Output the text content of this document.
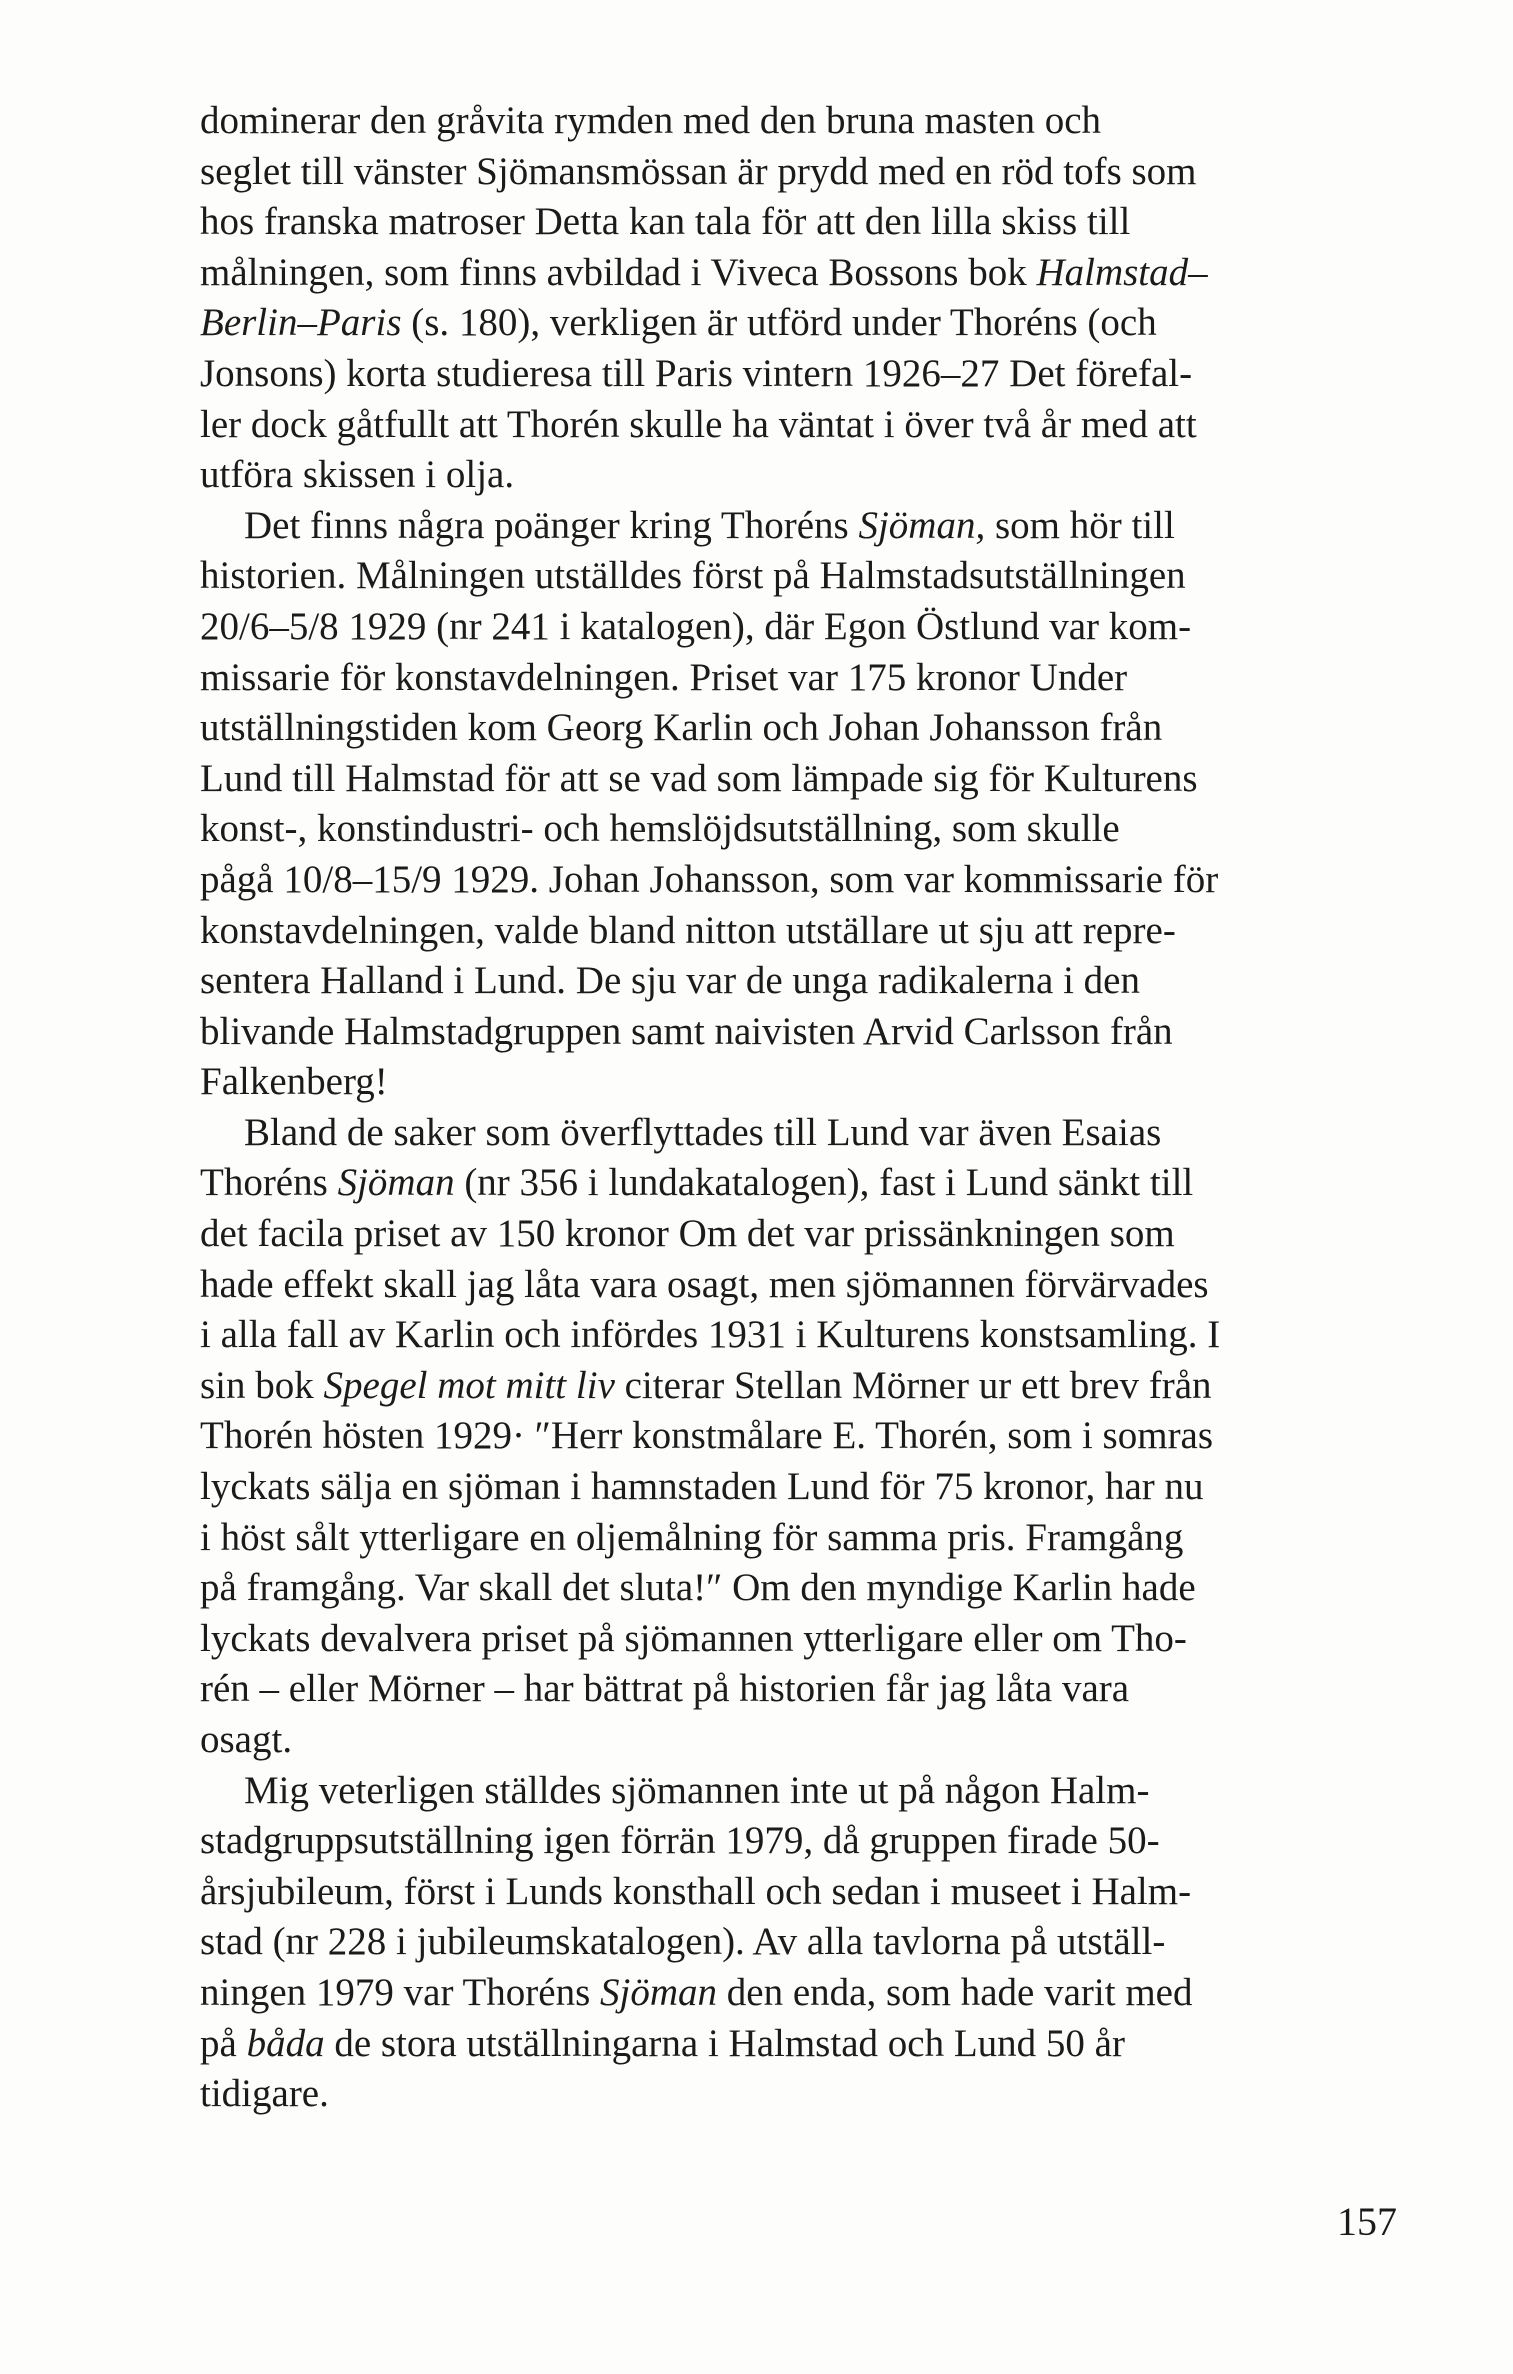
dominerar den gråvita rymden med den bruna masten och
seglet till vänster Sjömansmössan är prydd med en röd tofs som
hos franska matroser Detta kan tala för att den lilla skiss till
målningen, som finns avbildad i Viveca Bossons bok Halmstad–
Berlin–Paris (s. 180), verkligen är utförd under Thoréns (och
Jonsons) korta studieresa till Paris vintern 1926–27 Det förefal-
ler dock gåtfullt att Thorén skulle ha väntat i över två år med att
utföra skissen i olja.
Det finns några poänger kring Thoréns Sjöman, som hör till
historien. Målningen utställdes först på Halmstadsutställningen
20/6–5/8 1929 (nr 241 i katalogen), där Egon Östlund var kom-
missarie för konstavdelningen. Priset var 175 kronor Under
utställningstiden kom Georg Karlin och Johan Johansson från
Lund till Halmstad för att se vad som lämpade sig för Kulturens
konst-, konstindustri- och hemslöjdsutställning, som skulle
pågå 10/8–15/9 1929. Johan Johansson, som var kommissarie för
konstavdelningen, valde bland nitton utställare ut sju att repre-
sentera Halland i Lund. De sju var de unga radikalerna i den
blivande Halmstadgruppen samt naivisten Arvid Carlsson från
Falkenberg!
Bland de saker som överflyttades till Lund var även Esaias
Thoréns Sjöman (nr 356 i lundakatalogen), fast i Lund sänkt till
det facila priset av 150 kronor Om det var prissänkningen som
hade effekt skall jag låta vara osagt, men sjömannen förvärvades
i alla fall av Karlin och infördes 1931 i Kulturens konstsamling. I
sin bok Spegel mot mitt liv citerar Stellan Mörner ur ett brev från
Thorén hösten 1929· ″Herr konstmålare E. Thorén, som i somras
lyckats sälja en sjöman i hamnstaden Lund för 75 kronor, har nu
i höst sålt ytterligare en oljemålning för samma pris. Framgång
på framgång. Var skall det sluta!″ Om den myndige Karlin hade
lyckats devalvera priset på sjömannen ytterligare eller om Tho-
rén – eller Mörner – har bättrat på historien får jag låta vara
osagt.
Mig veterligen ställdes sjömannen inte ut på någon Halm-
stadgruppsutställning igen förrän 1979, då gruppen firade 50-
årsjubileum, först i Lunds konsthall och sedan i museet i Halm-
stad (nr 228 i jubileumskatalogen). Av alla tavlorna på utställ-
ningen 1979 var Thoréns Sjöman den enda, som hade varit med
på båda de stora utställningarna i Halmstad och Lund 50 år
tidigare.
157
